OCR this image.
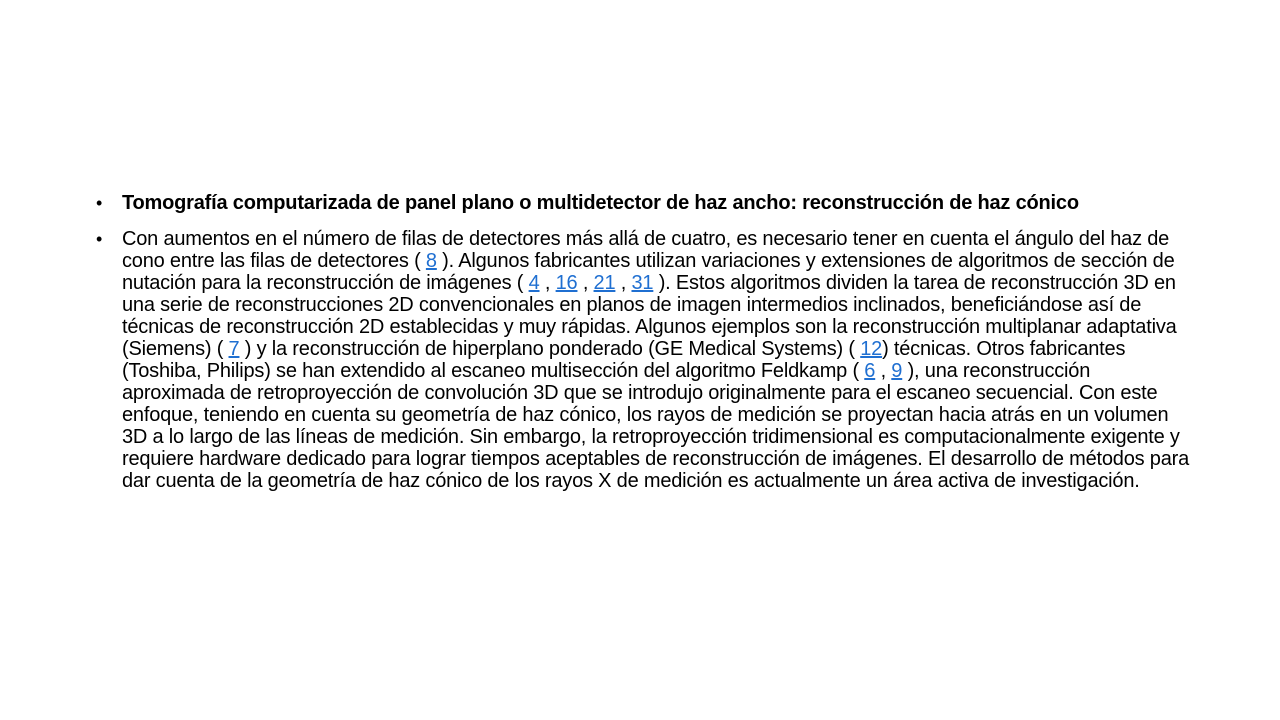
• Tomografía computarizada de panel plano o multidetector de haz ancho: reconstrucción de haz cónico
• Con aumentos en el número de filas de detectores más allá de cuatro, es necesario tener en cuenta el ángulo del haz de cono entre las filas de detectores ( 8 ). Algunos fabricantes utilizan variaciones y extensiones de algoritmos de sección de nutación para la reconstrucción de imágenes ( 4 , 16 , 21 , 31 ). Estos algoritmos dividen la tarea de reconstrucción 3D en una serie de reconstrucciones 2D convencionales en planos de imagen intermedios inclinados, beneficiándose así de técnicas de reconstrucción 2D establecidas y muy rápidas. Algunos ejemplos son la reconstrucción multiplanar adaptativa (Siemens) ( 7 ) y la reconstrucción de hiperplano ponderado (GE Medical Systems) ( 12) técnicas. Otros fabricantes (Toshiba, Philips) se han extendido al escaneo multisección del algoritmo Feldkamp ( 6 , 9 ), una reconstrucción aproximada de retroproyección de convolución 3D que se introdujo originalmente para el escaneo secuencial. Con este enfoque, teniendo en cuenta su geometría de haz cónico, los rayos de medición se proyectan hacia atrás en un volumen 3D a lo largo de las líneas de medición. Sin embargo, la retroproyección tridimensional es computacionalmente exigente y requiere hardware dedicado para lograr tiempos aceptables de reconstrucción de imágenes. El desarrollo de métodos para dar cuenta de la geometría de haz cónico de los rayos X de medición es actualmente un área activa de investigación.
